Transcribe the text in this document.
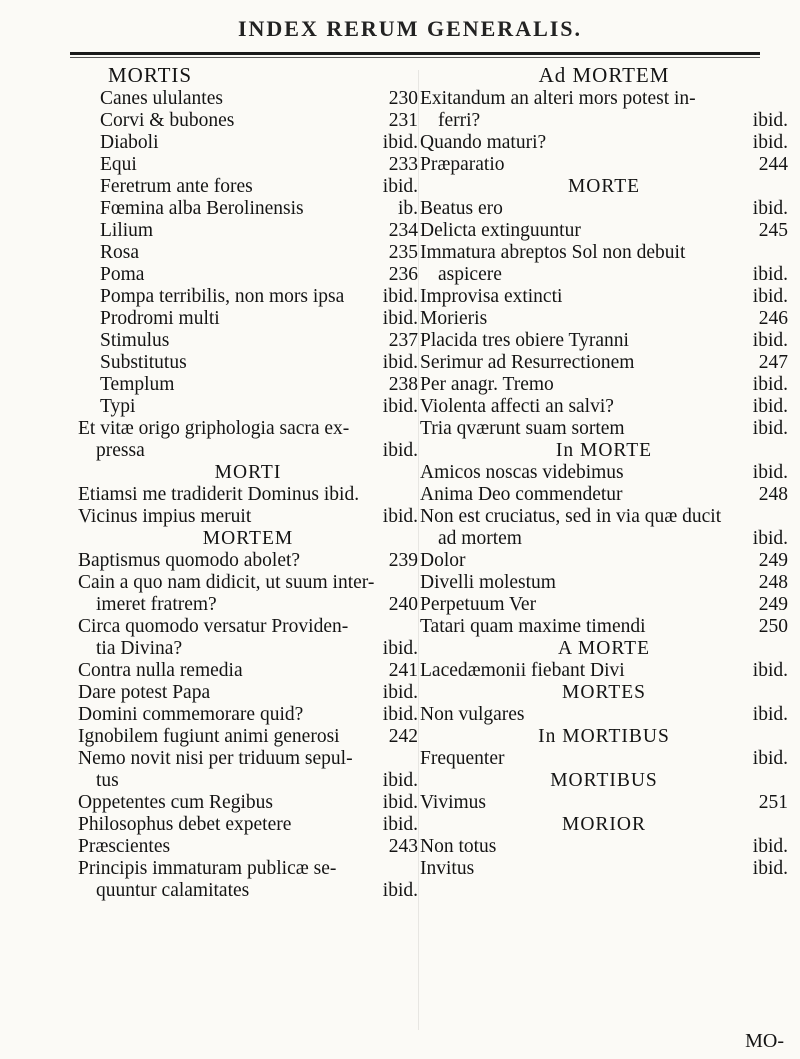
INDEX RERUM GENERALIS.
MORTIS
Canes ululantes	230
Corvi & bubones	231
Diaboli	ibid.
Equi	233
Feretrum ante fores	ibid.
Fœmina alba Berolinensis	ib.
Lilium	234
Rosa	235
Poma	236
Pompa terribilis, non mors ipsa	ibid.
Prodromi multi	ibid.
Stimulus	237
Substitutus	ibid.
Templum	238
Typi	ibid.
Et vitæ origo griphologia sacra ex-
pressa	ibid.
MORTI
Etiamsi me tradiderit Dominus ibid.
Vicinus impius meruit	ibid.
MORTEM
Baptismus quomodo abolet?	239
Cain a quo nam didicit, ut suum inter-
imeret fratrem?	240
Circa quomodo versatur Providen-
tia Divina?	ibid.
Contra nulla remedia	241
Dare potest Papa	ibid.
Domini commemorare quid?	ibid.
Ignobilem fugiunt animi generosi	242
Nemo novit nisi per triduum sepul-
tus	ibid.
Oppetentes cum Regibus	ibid.
Philosophus debet expetere	ibid.
Præscientes	243
Principis immaturam publicæ se-
quuntur calamitates	ibid.
Ad MORTEM
Exitandum an alteri mors potest in-
ferri?	ibid.
Quando maturi?	ibid.
Præparatio	244
MORTE
Beatus ero	ibid.
Delicta extinguuntur	245
Immatura abreptos Sol non debuit
aspicere	ibid.
Improvisa extincti	ibid.
Morieris	246
Placida tres obiere Tyranni	ibid.
Serimur ad Resurrectionem	247
Per anagr. Tremo	ibid.
Violenta affecti an salvi?	ibid.
Tria qværunt suam sortem	ibid.
In MORTE
Amicos noscas videbimus	ibid.
Anima Deo commendetur	248
Non est cruciatus, sed in via quæ ducit
ad mortem	ibid.
Dolor	249
Divelli molestum	248
Perpetuum Ver	249
Tatari quam maxime timendi	250
A MORTE
Lacedæmonii fiebant Divi	ibid.
MORTES
Non vulgares	ibid.
In MORTIBUS
Frequenter	ibid.
MORTIBUS
Vivimus	251
MORIOR
Non totus	ibid.
Invitus	ibid.
MO-
